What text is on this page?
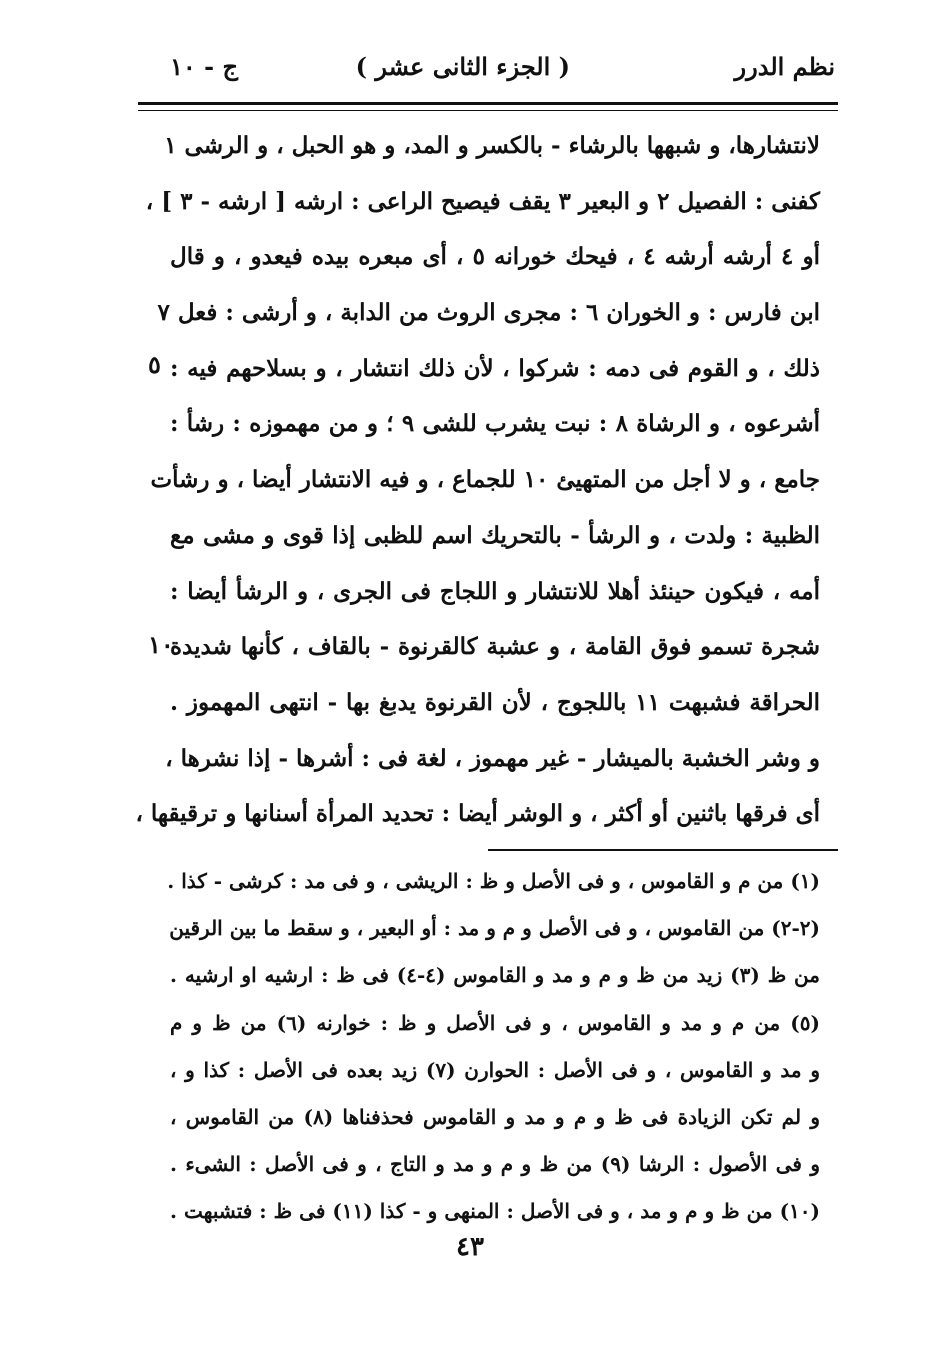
نظم الدرر
( الجزء الثانى عشر )
ج - ١٠
لانتشارها، و شبهها بالرشاء - بالكسر و المد، و هو الحبل ، و الرشى ١
كفنى : الفصيل ٢ و البعير ٣ يقف فيصيح الراعى : ارشه [ ارشه - ٣ ] ،
أو ٤ أرشه أرشه ٤ ، فيحك خورانه ٥ ، أى مبعره بيده فيعدو ، و قال
ابن فارس : و الخوران ٦ : مجرى الروث من الدابة ، و أرشى : فعل ٧
ذلك ، و القوم فى دمه : شركوا ، لأن ذلك انتشار ، و بسلاحهم فيه :
أشرعوه ، و الرشاة ٨ : نبت يشرب للشى ٩ ؛ و من مهموزه : رشأ :
جامع ، و لا أجل من المتهيئ ١٠ للجماع ، و فيه الانتشار أيضا ، و رشأت
الظبية : ولدت ، و الرشأ - بالتحريك اسم للظبى إذا قوى و مشى مع
أمه ، فيكون حينئذ أهلا للانتشار و اللجاج فى الجرى ، و الرشأ أيضا :
شجرة تسمو فوق القامة ، و عشبة كالقرنوة - بالقاف ، كأنها شديدة
الحراقة فشبهت ١١ باللجوج ، لأن القرنوة يدبغ بها - انتهى المهموز .
و وشر الخشبة بالميشار - غير مهموز ، لغة فى : أشرها - إذا نشرها ،
أى فرقها باثنين أو أكثر ، و الوشر أيضا : تحديد المرأة أسنانها و ترقيقها ،
٥
١٠
(١) من م و القاموس ، و فى الأصل و ظ : الريشى ، و فى مد : كرشى - كذا .
(٢-٢) من القاموس ، و فى الأصل و م و مد : أو البعير ، و سقط ما بين الرقين
من ظ (٣) زيد من ظ و م و مد و القاموس (٤-٤) فى ظ : ارشيه او ارشيه .
(٥) من م و مد و القاموس ، و فى الأصل و ظ : خوارنه (٦) من ظ و م
و مد و القاموس ، و فى الأصل : الحوارن (٧) زيد بعده فى الأصل : كذا و ،
و لم تكن الزيادة فى ظ و م و مد و القاموس فحذفناها (٨) من القاموس ،
و فى الأصول : الرشا (٩) من ظ و م و مد و التاج ، و فى الأصل : الشىء .
(١٠) من ظ و م و مد ، و فى الأصل : المنهى و - كذا (١١) فى ظ : فتشبهت .
٤٣
